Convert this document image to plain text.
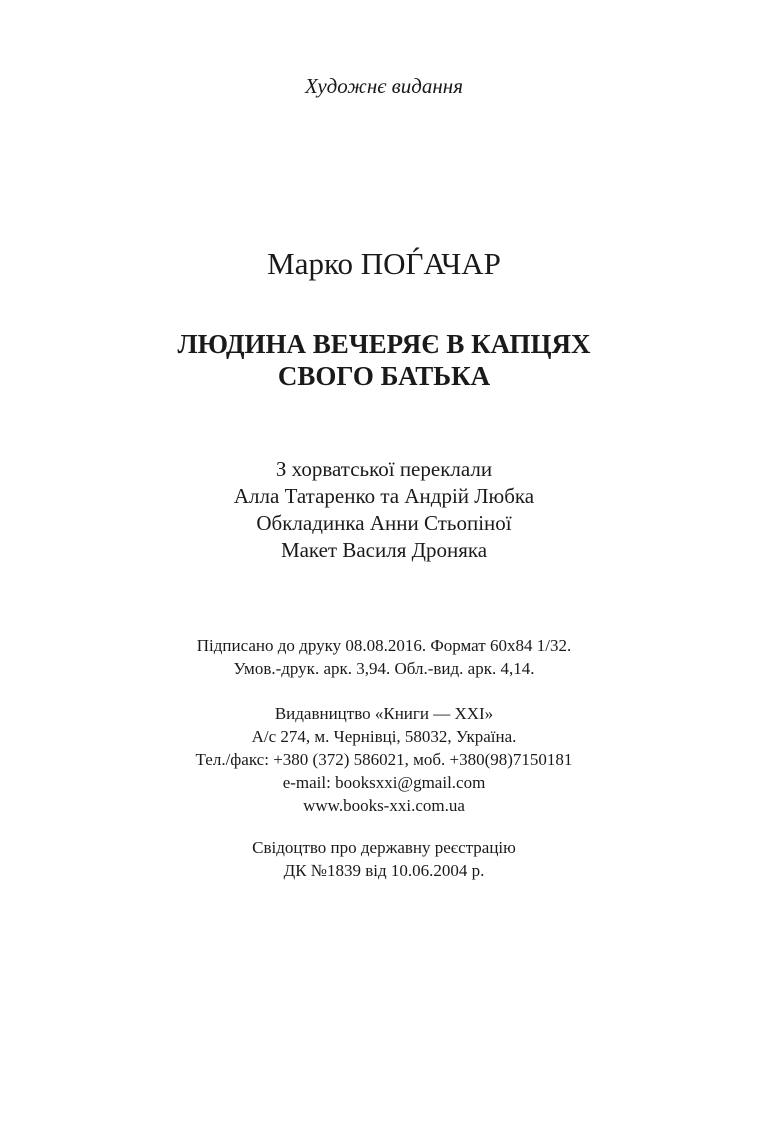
Художнє видання
Марко ПОЃАЧАР
ЛЮДИНА ВЕЧЕРЯЄ В КАПЦЯХ
СВОГО БАТЬКА
З хорватської переклали
Алла Татаренко та Андрій Любка
Обкладинка Анни Стьопіної
Макет Василя Дроняка
Підписано до друку 08.08.2016. Формат 60х84 1/32.
Умов.-друк. арк. 3,94. Обл.-вид. арк. 4,14.
Видавництво «Книги — XXI»
А/с 274, м. Чернівці, 58032, Україна.
Тел./факс: +380 (372) 586021, моб. +380(98)7150181
e-mail: booksxxi@gmail.com
www.books-xxi.com.ua
Свідоцтво про державну реєстрацію
ДК №1839 від 10.06.2004 р.
